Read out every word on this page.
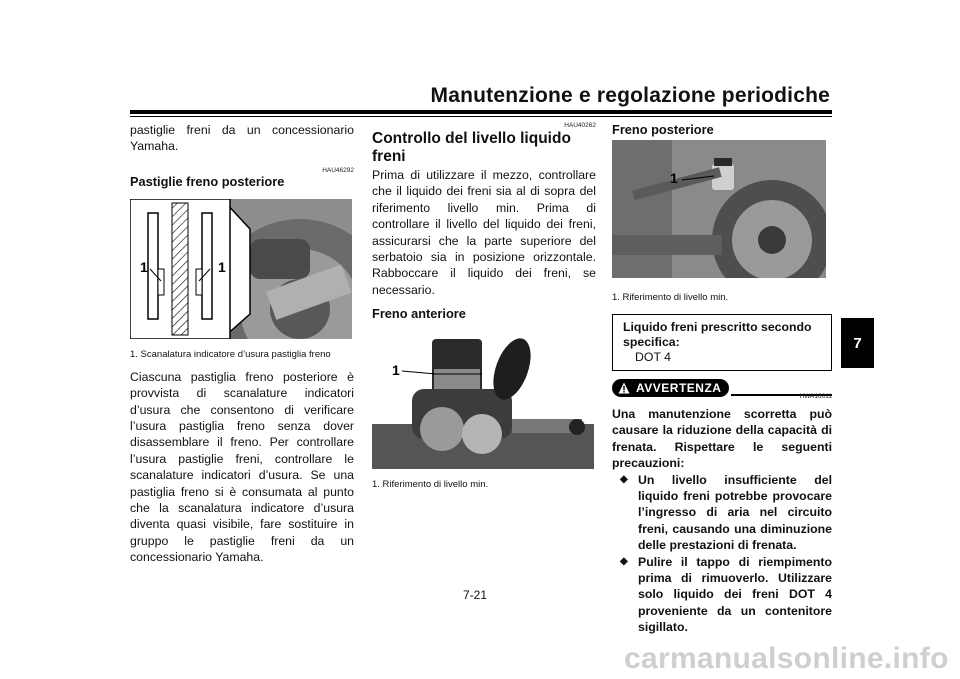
Manutenzione e regolazione periodiche
7

pastiglie freni da un concessionario Yamaha.

HAU46292

Pastiglie freno posteriore
1	1

1. Scanalatura indicatore d’usura pastiglia freno

Ciascuna pastiglia freno posteriore è provvista di scanalature indicatori d’usura che consentono di verificare l’usura pastiglia freno senza dover disassemblare il freno. Per controllare l’usura pastiglie freni, controllare le scanalature indicatori d’usura. Se una pastiglia freno si è consumata al punto che la scanalatura indicatore d’usura diventa quasi visibile, fare sostituire in gruppo le pastiglie freni da un concessionario Yamaha.

HAU40262

Controllo del livello liquido freni

Prima di utilizzare il mezzo, controllare che il liquido dei freni sia al di sopra del riferimento livello min. Prima di controllare il livello del liquido dei freni, assicurarsi che la parte superiore del serbatoio sia in posizione orizzontale. Rabboccare il liquido dei freni, se necessario.

Freno anteriore
1

1. Riferimento di livello min.

Freno posteriore
1

1. Riferimento di livello min.

Liquido freni prescritto secondo specifica:

DOT 4

AVVERTENZA

HWA16011

Una manutenzione scorretta può causare la riduzione della capacità di frenata. Rispettare le seguenti precauzioni:

◆ Un livello insufficiente del liquido freni potrebbe provocare l’ingresso di aria nel circuito freni, causando una diminuzione delle prestazioni di frenata.
◆ Pulire il tappo di riempimento prima di rimuoverlo. Utilizzare solo liquido dei freni DOT 4 proveniente da un contenitore sigillato.
7-21
carmanualsonline.info
